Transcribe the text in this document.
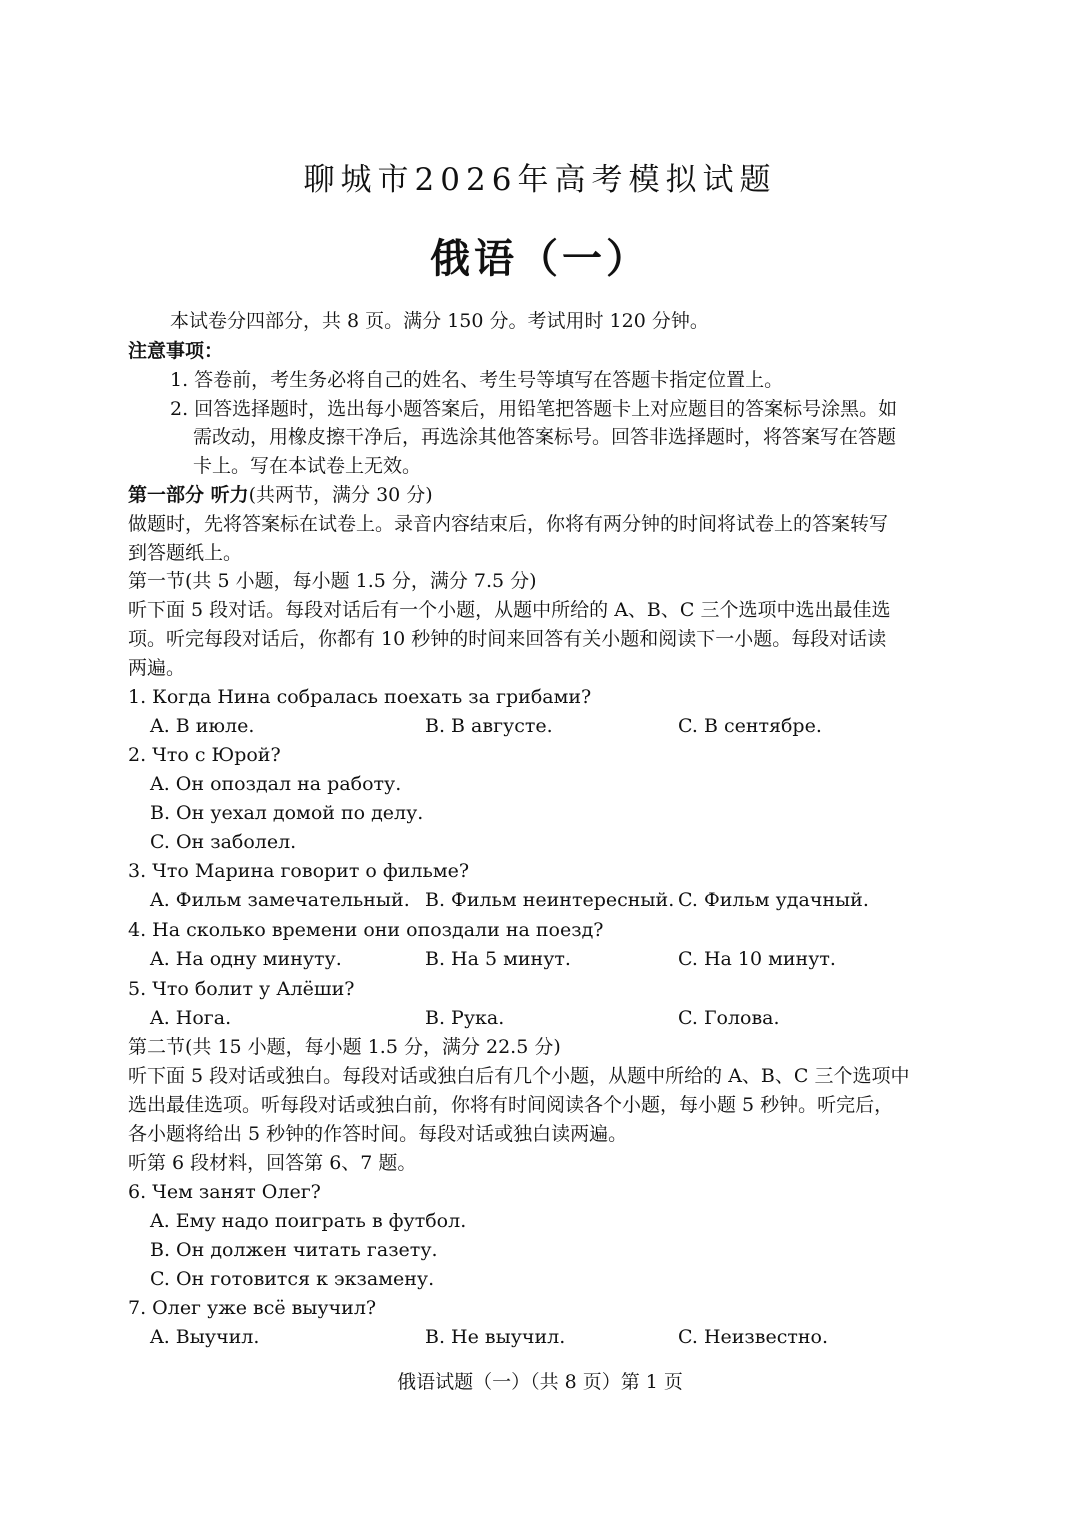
聊城市2026年高考模拟试题
俄语（一）
本试卷分四部分，共 8 页。满分 150 分。考试用时 120 分钟。
注意事项：
1. 答卷前，考生务必将自己的姓名、考生号等填写在答题卡指定位置上。
2. 回答选择题时，选出每小题答案后，用铅笔把答题卡上对应题目的答案标号涂黑。如
需改动，用橡皮擦干净后，再选涂其他答案标号。回答非选择题时，将答案写在答题
卡上。写在本试卷上无效。
第一部分 听力(共两节，满分 30 分)
做题时，先将答案标在试卷上。录音内容结束后，你将有两分钟的时间将试卷上的答案转写
到答题纸上。
第一节(共 5 小题，每小题 1.5 分，满分 7.5 分)
听下面 5 段对话。每段对话后有一个小题，从题中所给的 A、B、C 三个选项中选出最佳选
项。听完每段对话后，你都有 10 秒钟的时间来回答有关小题和阅读下一小题。每段对话读
两遍。
1. Когда Нина собралась поехать за грибами?
A. В июле.	B. В августе.	C. В сентябре.
2. Что с Юрой?
A. Он опоздал на работу.
B. Он уехал домой по делу.
C. Он заболел.
3. Что Марина говорит о фильме?
A. Фильм замечательный. B. Фильм неинтересный. C. Фильм удачный.
4. На сколько времени они опоздали на поезд?
A. На одну минуту.	B. На 5 минут.	C. На 10 минут.
5. Что болит у Алёши?
A. Нога.	B. Рука.	C. Голова.
第二节(共 15 小题，每小题 1.5 分，满分 22.5 分)
听下面 5 段对话或独白。每段对话或独白后有几个小题，从题中所给的 A、B、C 三个选项中
选出最佳选项。听每段对话或独白前，你将有时间阅读各个小题，每小题 5 秒钟。听完后，
各小题将给出 5 秒钟的作答时间。每段对话或独白读两遍。
听第 6 段材料，回答第 6、7 题。
6. Чем занят Олег?
A. Ему надо поиграть в футбол.
B. Он должен читать газету.
C. Он готовится к экзамену.
7. Олег уже всё выучил?
A. Выучил.	B. Не выучил.	C. Неизвестно.
俄语试题（一）（共 8 页）第 1 页
